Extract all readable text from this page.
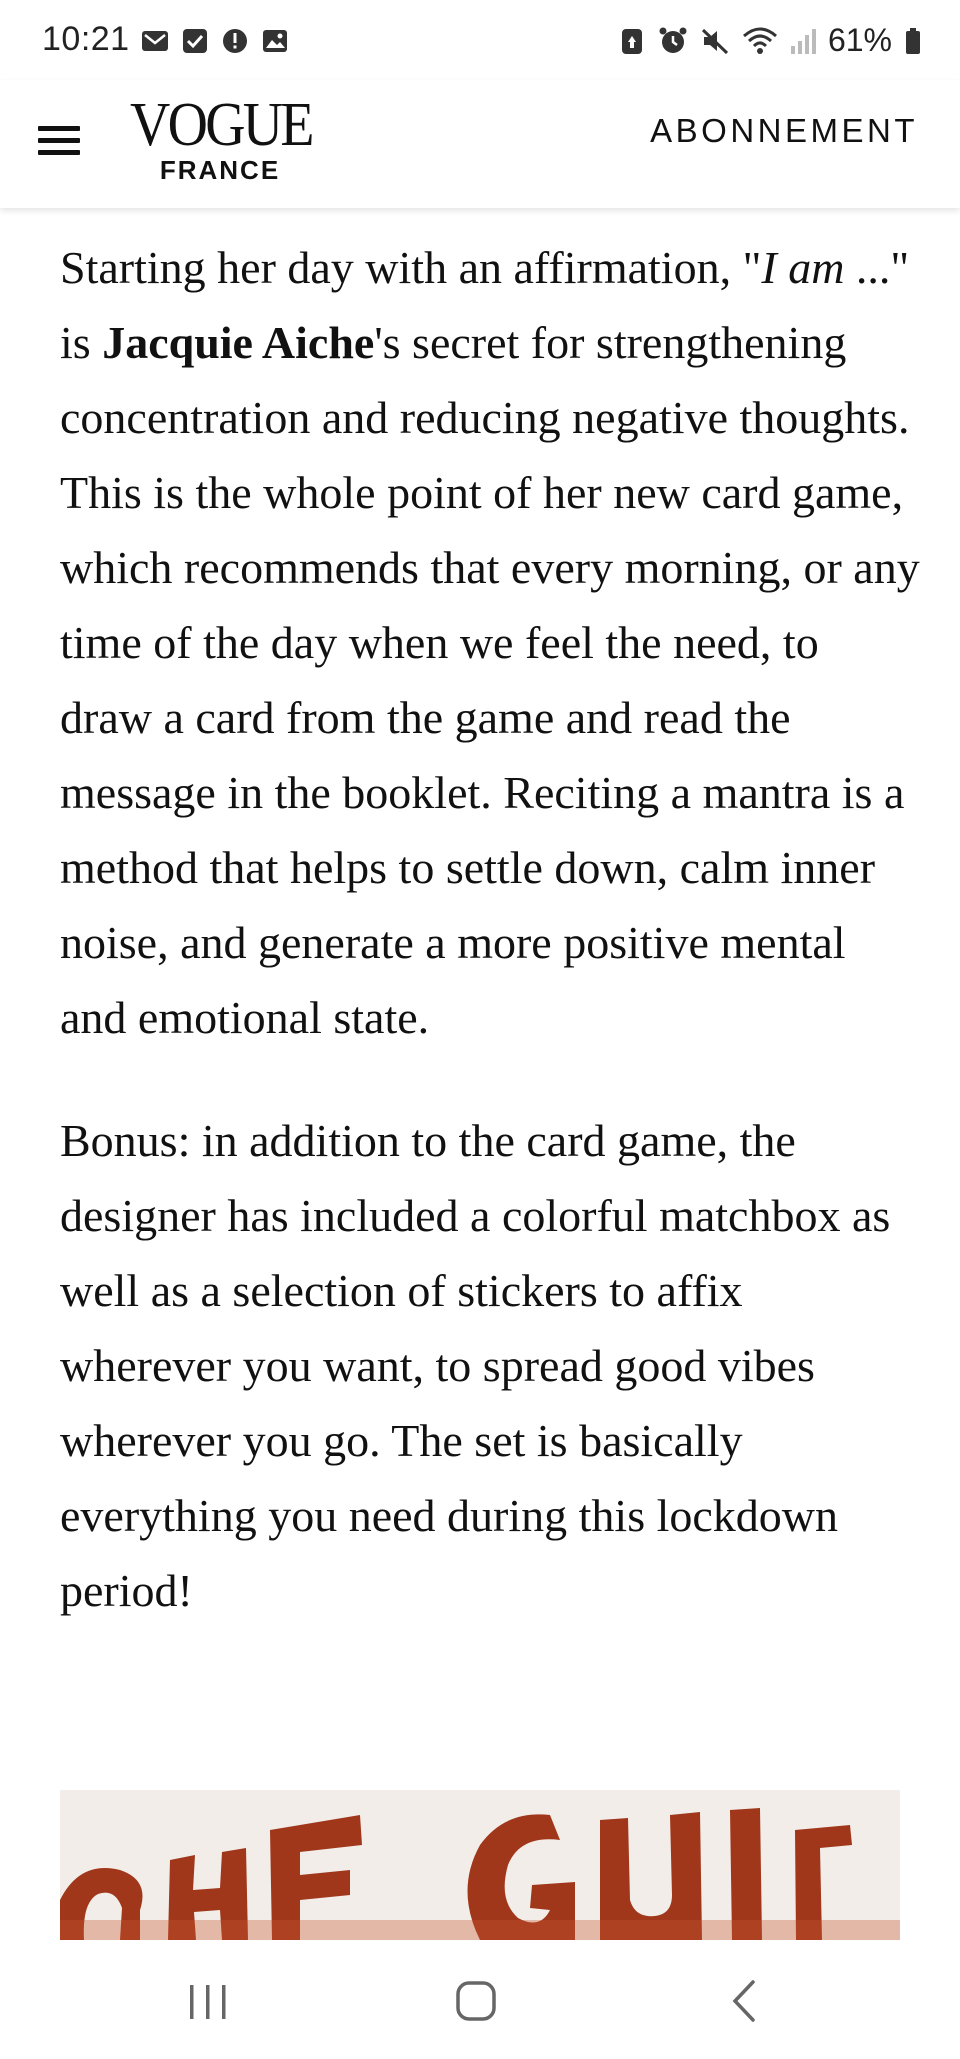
10:21	61%
VOGUE
FRANCE
ABONNEMENT

Starting her day with an affirmation, "I am ..." is Jacquie Aiche's secret for strengthening concentration and reducing negative thoughts. This is the whole point of her new card game, which recommends that every morning, or any time of the day when we feel the need, to draw a card from the game and read the message in the booklet. Reciting a mantra is a method that helps to settle down, calm inner noise, and generate a more positive mental and emotional state.

Bonus: in addition to the card game, the designer has included a colorful matchbox as well as a selection of stickers to affix wherever you want, to spread good vibes wherever you go. The set is basically everything you need during this lockdown period!
